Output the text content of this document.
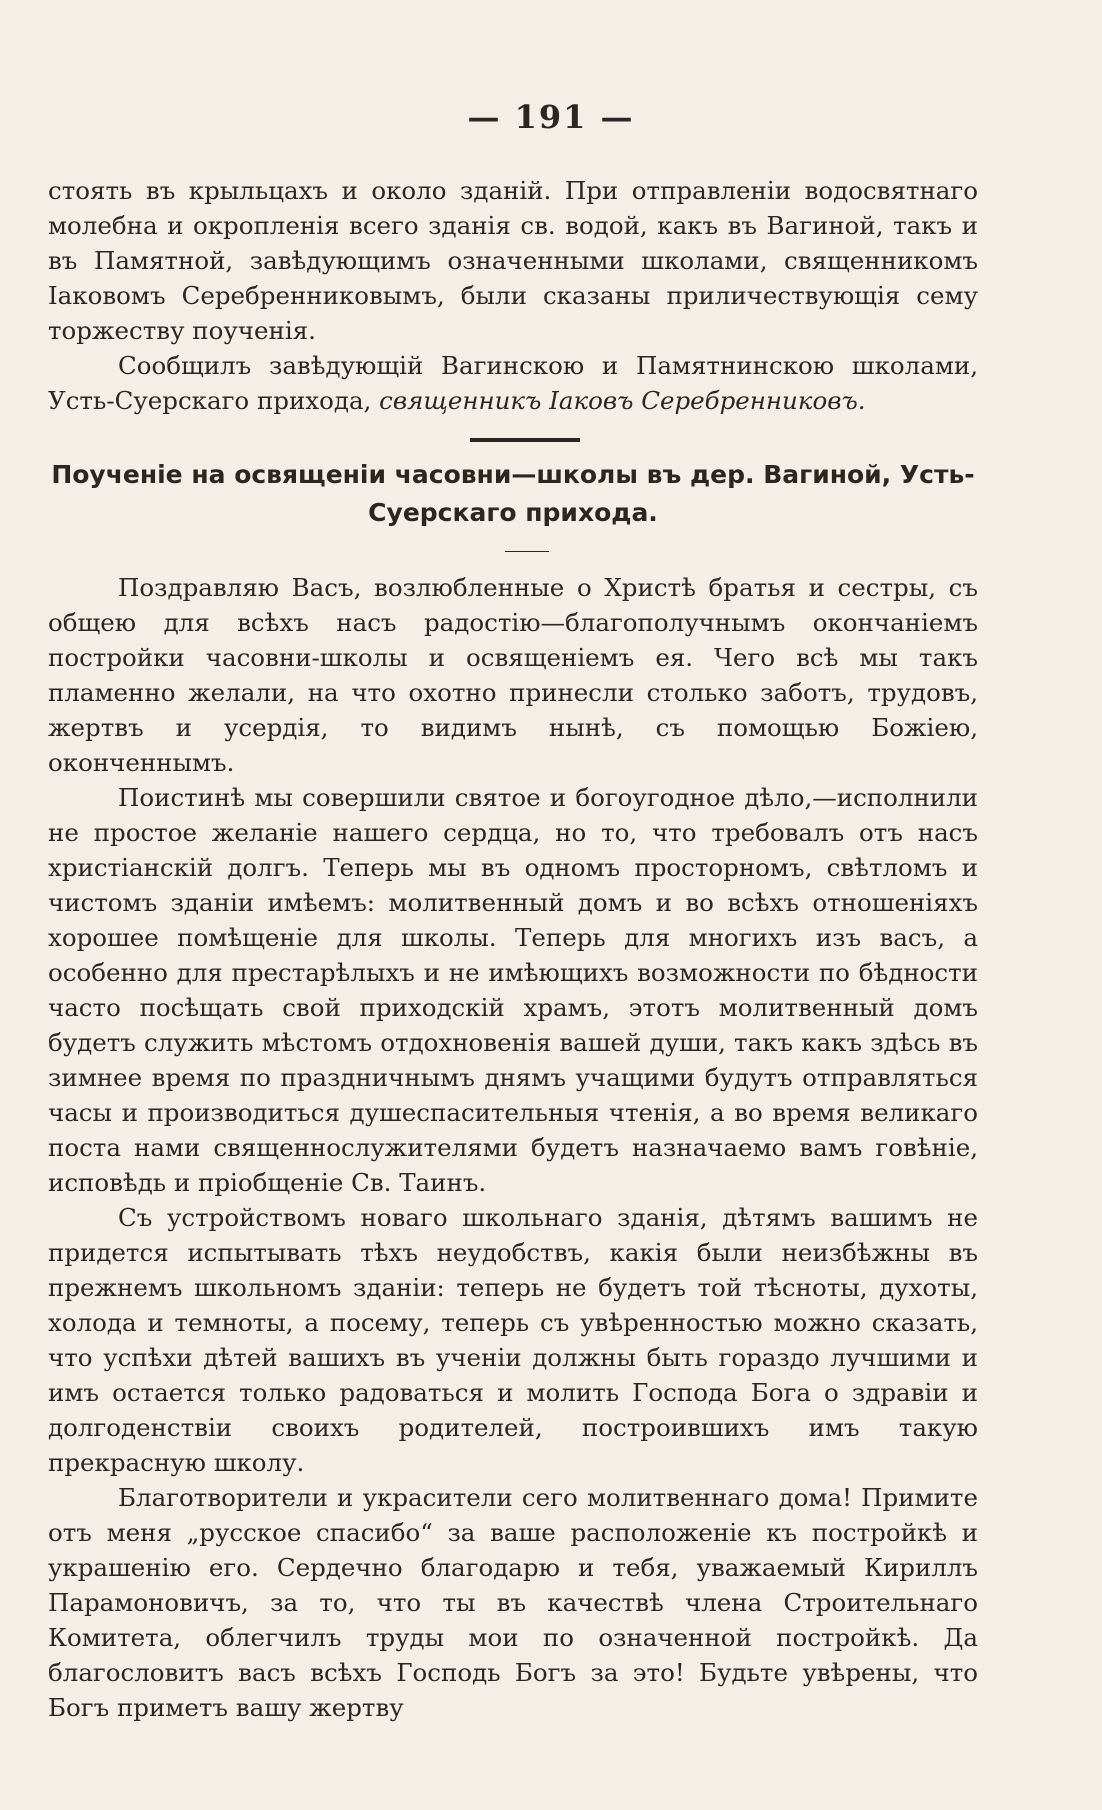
— 191 —

стоять въ крыльцахъ и около зданiй. При отправленiи водосвятнаго молебна и окропленiя всего зданiя св. водой, какъ въ Вагиной, такъ и въ Памятной, завѣдующимъ означенными школами, священникомъ Iаковомъ Серебренниковымъ, были сказаны приличествующiя сему торжеству поученiя.

Сообщилъ завѣдующiй Вагинскою и Памятнинскою школами, Усть-Суерскаго прихода, священникъ Iаковъ Серебренниковъ.

Поученiе на освященiи часовни—школы въ дер. Вагиной, Усть-Суерскаго прихода.

Поздравляю Васъ, возлюбленные о Христѣ братья и сестры, съ общею для всѣхъ насъ радостiю—благополучнымъ окончанiемъ постройки часовни-школы и освященiемъ ея. Чего всѣ мы такъ пламенно желали, на что охотно принесли столько заботъ, трудовъ, жертвъ и усердiя, то видимъ нынѣ, съ помощью Божiею, оконченнымъ.

Поистинѣ мы совершили святое и богоугодное дѣло,—исполнили не простое желанiе нашего сердца, но то, что требовалъ отъ насъ христiанскiй долгъ. Теперь мы въ одномъ просторномъ, свѣтломъ и чистомъ зданiи имѣемъ: молитвенный домъ и во всѣхъ отношенiяхъ хорошее помѣщенiе для школы. Теперь для многихъ изъ васъ, а особенно для престарѣлыхъ и не имѣющихъ возможности по бѣдности часто посѣщать свой приходскiй храмъ, этотъ молитвенный домъ будетъ служить мѣстомъ отдохновенiя вашей души, такъ какъ здѣсь въ зимнее время по праздничнымъ днямъ учащими будутъ отправляться часы и производиться душеспасительныя чтенiя, а во время великаго поста нами священнослужителями будетъ назначаемо вамъ говѣнiе, исповѣдь и прiобщенiе Св. Таинъ.

Съ устройствомъ новаго школьнаго зданiя, дѣтямъ вашимъ не придется испытывать тѣхъ неудобствъ, какiя были неизбѣжны въ прежнемъ школьномъ зданiи: теперь не будетъ той тѣсноты, духоты, холода и темноты, а посему, теперь съ увѣренностью можно сказать, что успѣхи дѣтей вашихъ въ ученiи должны быть гораздо лучшими и имъ остается только радоваться и молить Господа Бога о здравiи и долгоденствiи своихъ родителей, построившихъ имъ такую прекрасную школу.

Благотворители и украсители сего молитвеннаго дома! Примите отъ меня „русское спасибо“ за ваше расположенiе къ постройкѣ и украшенiю его. Сердечно благодарю и тебя, уважаемый Кириллъ Парамоновичъ, за то, что ты въ качествѣ члена Строительнаго Комитета, облегчилъ труды мои по означенной постройкѣ. Да благословитъ васъ всѣхъ Господь Богъ за это! Будьте увѣрены, что Богъ приметъ вашу жертву
